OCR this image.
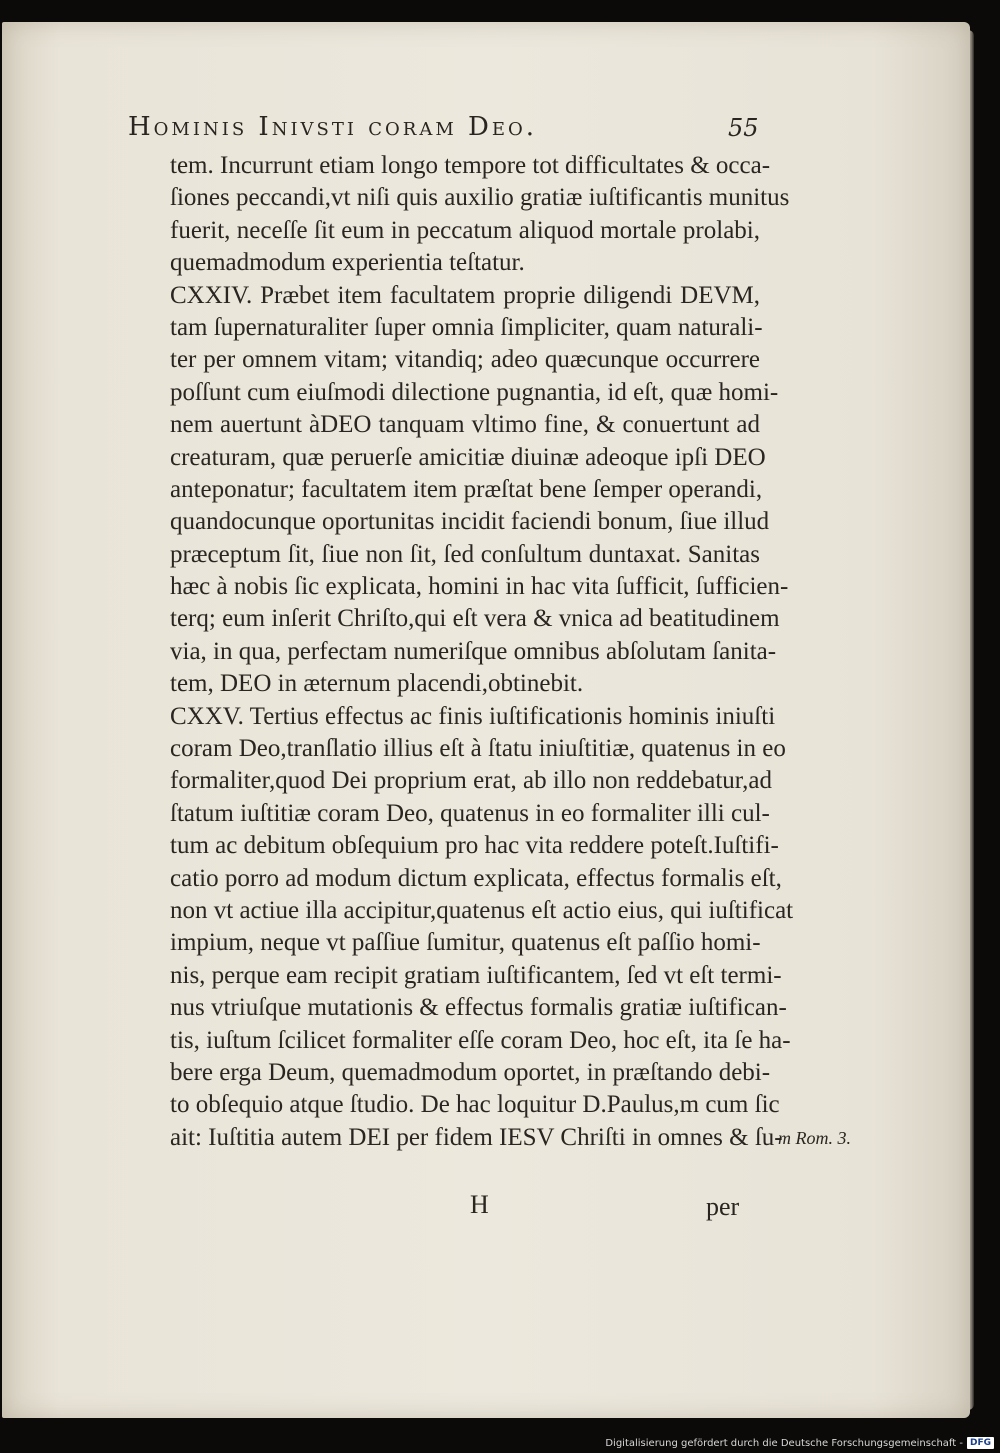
Hominis Inivsti coram Deo.	55
tem. Incurrunt etiam longo tempore tot difficultates & occa-
ſiones peccandi,vt niſi quis auxilio gratiæ iuſtificantis munitus
fuerit, neceſſe ſit eum in peccatum aliquod mortale prolabi,
quemadmodum experientia teſtatur.
CXXIV. Præbet item facultatem proprie diligendi DEVM,
tam ſupernaturaliter ſuper omnia ſimpliciter, quam naturali-
ter per omnem vitam; vitandiq; adeo quæcunque occurrere
poſſunt cum eiuſmodi dilectione pugnantia, id eſt, quæ homi-
nem auertunt àDEO tanquam vltimo fine, & conuertunt ad
creaturam, quæ peruerſe amicitiæ diuinæ adeoque ipſi DEO
anteponatur; facultatem item præſtat bene ſemper operandi,
quandocunque oportunitas incidit faciendi bonum, ſiue illud
præceptum ſit, ſiue non ſit, ſed conſultum duntaxat. Sanitas
hæc à nobis ſic explicata, homini in hac vita ſufficit, ſufficien-
terq; eum inſerit Chriſto,qui eſt vera & vnica ad beatitudinem
via, in qua, perfectam numeriſque omnibus abſolutam ſanita-
tem, DEO in æternum placendi,obtinebit.
CXXV. Tertius effectus ac finis iuſtificationis hominis iniuſti
coram Deo,tranſlatio illius eſt à ſtatu iniuſtitiæ, quatenus in eo
formaliter,quod Dei proprium erat, ab illo non reddebatur,ad
ſtatum iuſtitiæ coram Deo, quatenus in eo formaliter illi cul-
tum ac debitum obſequium pro hac vita reddere poteſt.Iuſtifi-
catio porro ad modum dictum explicata, effectus formalis eſt,
non vt actiue illa accipitur,quatenus eſt actio eius, qui iuſtificat
impium, neque vt paſſiue ſumitur, quatenus eſt paſſio homi-
nis, perque eam recipit gratiam iuſtificantem, ſed vt eſt termi-
nus vtriuſque mutationis & effectus formalis gratiæ iuſtifican-
tis, iuſtum ſcilicet formaliter eſſe coram Deo, hoc eſt, ita ſe ha-
bere erga Deum, quemadmodum oportet, in præſtando debi-
to obſequio atque ſtudio. De hac loquitur D.Paulus,m cum ſic
ait: Iuſtitia autem DEI per fidem IESV Chriſti in omnes & ſu-
m Rom. 3.
H	per
Digitalisierung gefördert durch die Deutsche Forschungsgemeinschaft - DFG
